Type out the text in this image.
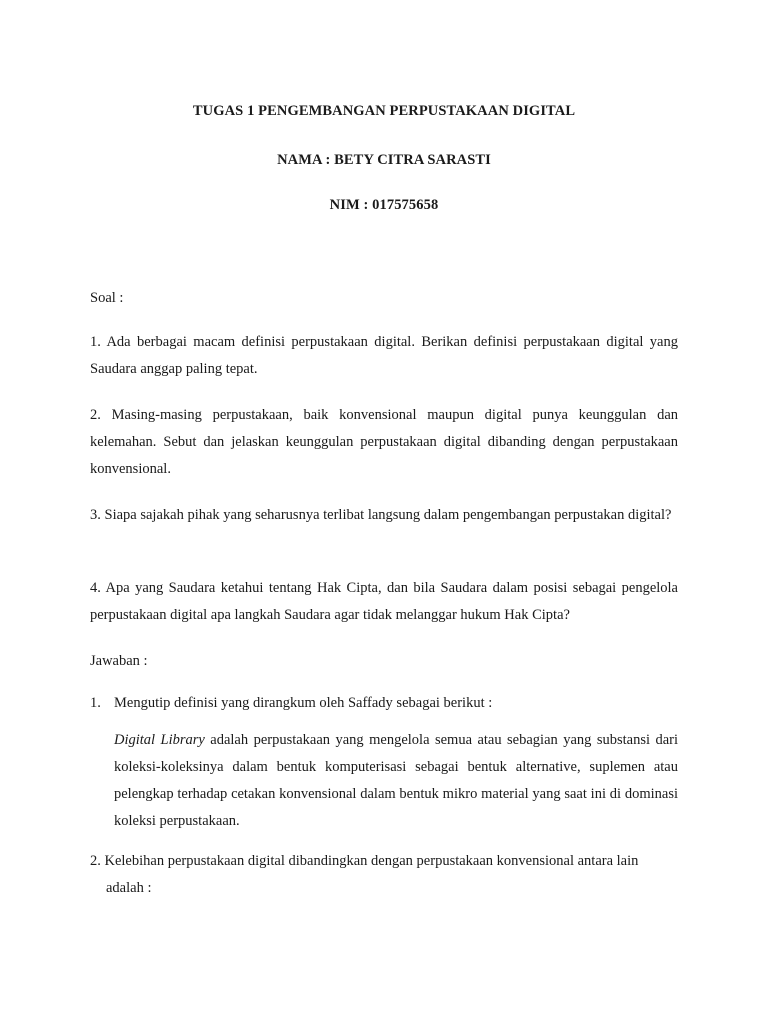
TUGAS 1 PENGEMBANGAN PERPUSTAKAAN DIGITAL
NAMA : BETY CITRA SARASTI
NIM : 017575658
Soal :
1. Ada berbagai macam definisi perpustakaan digital. Berikan definisi perpustakaan digital yang Saudara anggap paling tepat.
2. Masing-masing perpustakaan, baik konvensional maupun digital punya keunggulan dan kelemahan. Sebut dan jelaskan keunggulan perpustakaan digital dibanding dengan perpustakaan konvensional.
3. Siapa sajakah pihak yang seharusnya terlibat langsung dalam pengembangan perpustakan digital?
4. Apa yang Saudara ketahui tentang Hak Cipta, dan bila Saudara dalam posisi sebagai pengelola perpustakaan digital apa langkah Saudara agar tidak melanggar hukum Hak Cipta?
Jawaban :
1. Mengutip definisi yang dirangkum oleh Saffady sebagai berikut :
Digital Library adalah perpustakaan yang mengelola semua atau sebagian yang substansi dari koleksi-koleksinya dalam bentuk komputerisasi sebagai bentuk alternative, suplemen atau pelengkap terhadap cetakan konvensional dalam bentuk mikro material yang saat ini di dominasi koleksi perpustakaan.
2. Kelebihan perpustakaan digital dibandingkan dengan perpustakaan konvensional antara lain
adalah :
